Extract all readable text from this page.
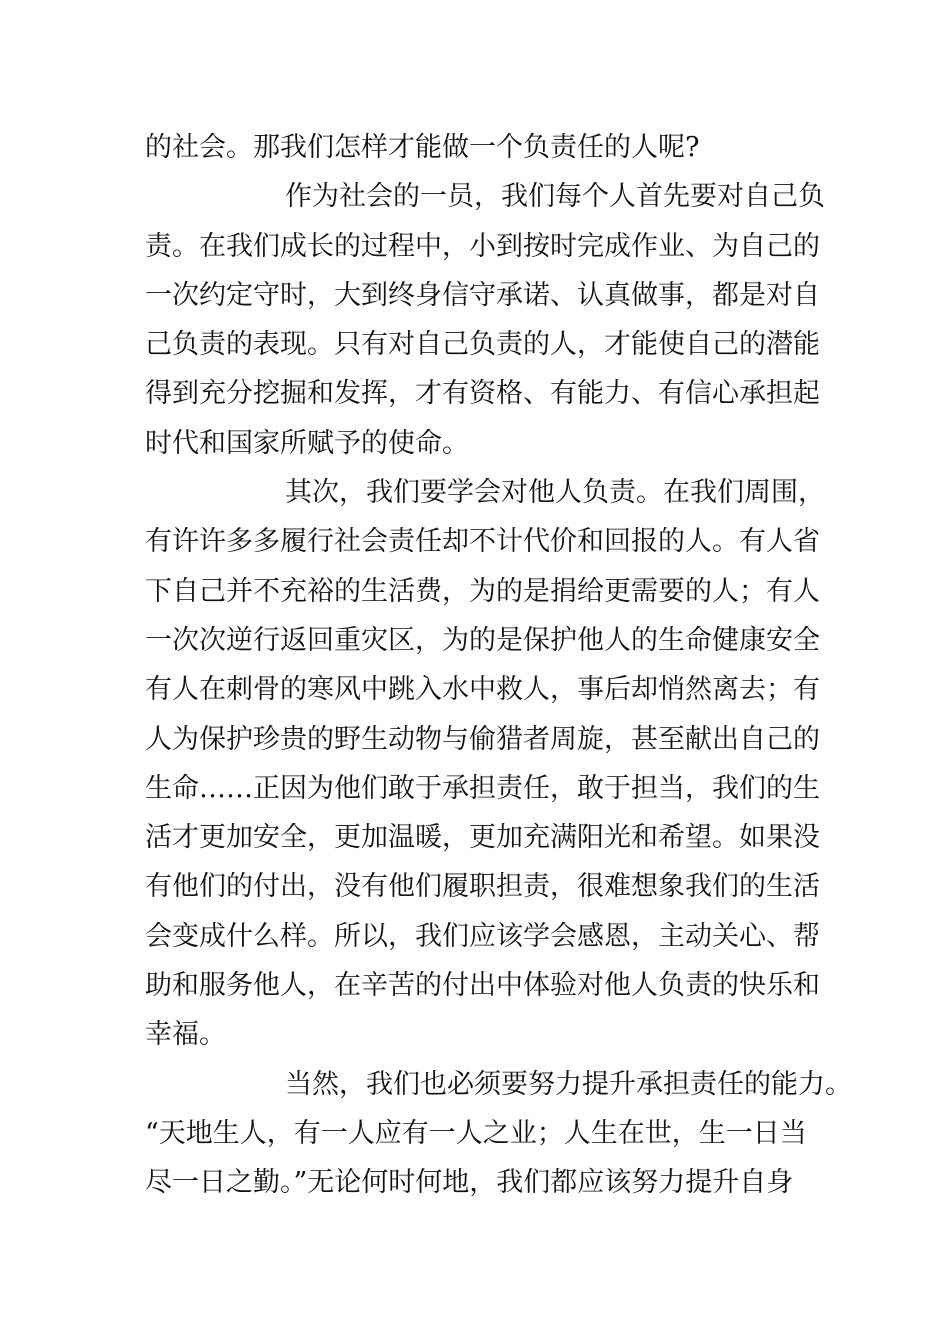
的社会。那我们怎样才能做一个负责任的人呢?
作为社会的一员，我们每个人首先要对自己负
责。在我们成长的过程中，小到按时完成作业、为自己的
一次约定守时，大到终身信守承诺、认真做事，都是对自
己负责的表现。只有对自己负责的人，才能使自己的潜能
得到充分挖掘和发挥，才有资格、有能力、有信心承担起
时代和国家所赋予的使命。
其次，我们要学会对他人负责。在我们周围，
有许许多多履行社会责任却不计代价和回报的人。有人省
下自己并不充裕的生活费，为的是捐给更需要的人；有人
一次次逆行返回重灾区，为的是保护他人的生命健康安全
有人在刺骨的寒风中跳入水中救人，事后却悄然离去；有
人为保护珍贵的野生动物与偷猎者周旋，甚至献出自己的
生命……正因为他们敢于承担责任，敢于担当，我们的生
活才更加安全，更加温暖，更加充满阳光和希望。如果没
有他们的付出，没有他们履职担责，很难想象我们的生活
会变成什么样。所以，我们应该学会感恩，主动关心、帮
助和服务他人，在辛苦的付出中体验对他人负责的快乐和
幸福。
当然，我们也必须要努力提升承担责任的能力。
“天地生人，有一人应有一人之业；人生在世，生一日当
尽一日之勤。”无论何时何地，我们都应该努力提升自身
